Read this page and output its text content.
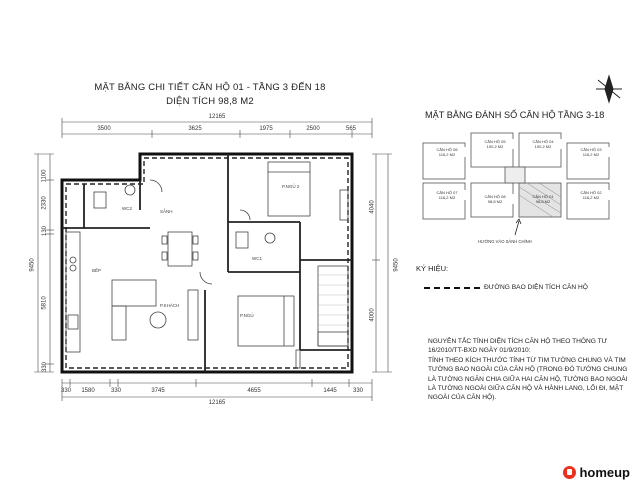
MẶT BẰNG CHI TIẾT CĂN HỘ 01 - TẦNG 3 ĐẾN 18
DIỆN TÍCH 98,8 M2
12165
3500	3625	1975	2500	565
330 1580	330	3745	4655	1445	330
12165
9450
1100
2330
130
5810
330
9450
4040
4000
WC2
SẢNH
P.NGỦ 2
WC1
BẾP
P.KHÁCH
P.NGỦ
MẶT BẰNG ĐÁNH SỐ CĂN HỘ TẦNG 3-18
CĂN HỘ 06
116,2 M2
CĂN HỘ 05
100,2 M2
CĂN HỘ 04
100,2 M2
CĂN HỘ 03
116,2 M2
CĂN HỘ 07
116,2 M2	CĂN HỘ 08
98,8 M2
CĂN HỘ 01
98,8 M2
CĂN HỘ 02
116,2 M2
HƯỚNG VÀO SẢNH CHÍNH
KÝ HIỆU:
ĐƯỜNG BAO DIỆN TÍCH CĂN HỘ

NGUYÊN TẮC TÍNH DIỆN TÍCH CĂN HỘ THEO THÔNG TƯ

16/2010/TT-BXD NGÀY 01/9/2010:

TÍNH THEO KÍCH THƯỚC TÍNH TỪ TIM TƯỜNG CHUNG VÀ TIM

TƯỜNG BAO NGOÀI CỦA CĂN HỘ (TRONG ĐÓ TƯỜNG CHUNG

LÀ TƯỜNG NGĂN CHIA GIỮA HAI CĂN HỘ, TƯỜNG BAO NGOÀI

LÀ TƯỜNG NGOÀI GIỮA CĂN HỘ VÀ HÀNH LANG, LỐI ĐI, MẶT

NGOÀI CỦA CĂN HỘ).

homeup
